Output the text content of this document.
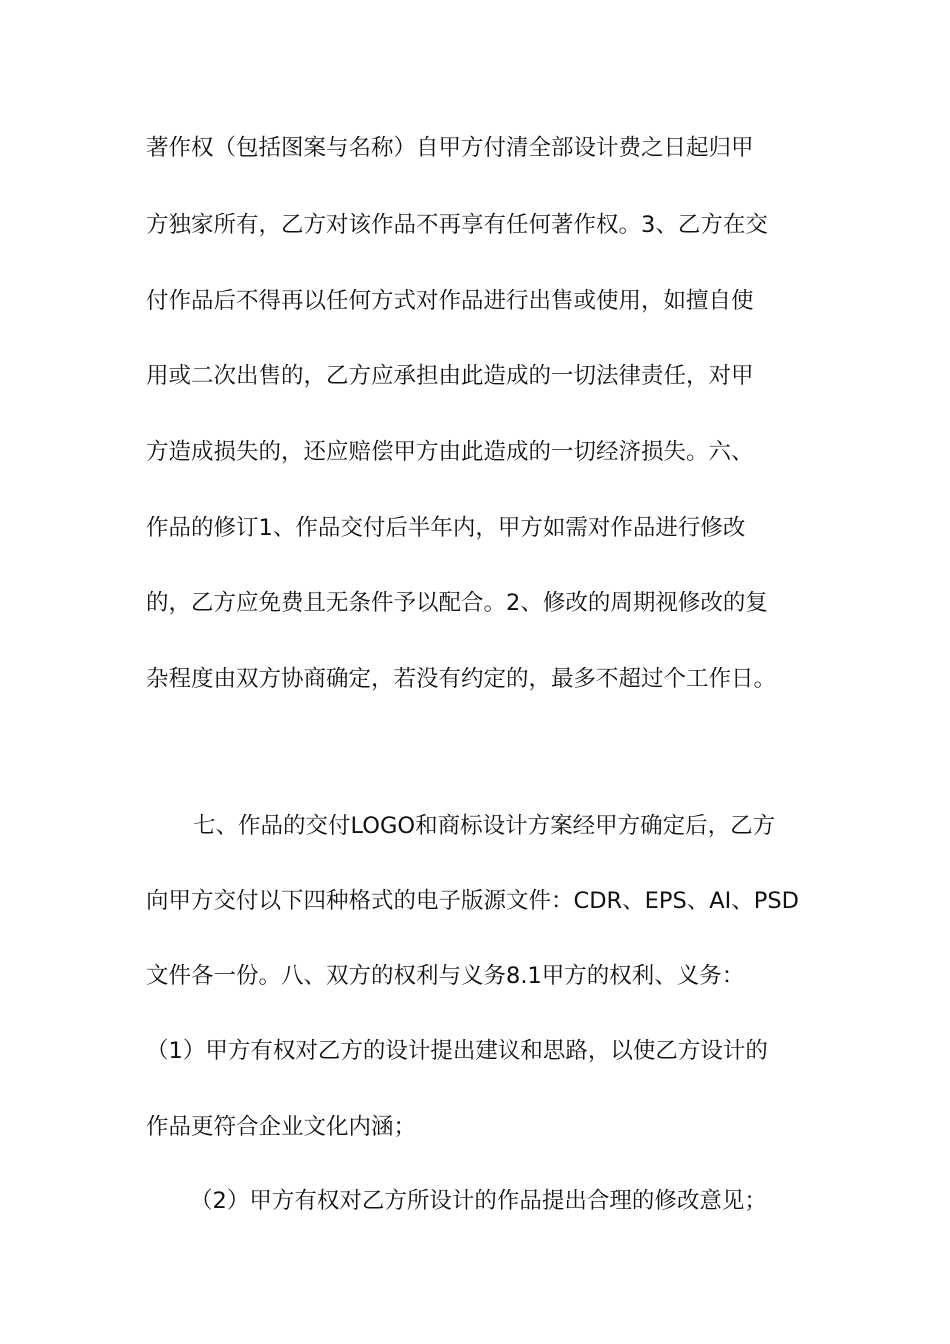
著作权（包括图案与名称）自甲方付清全部设计费之日起归甲
方独家所有，乙方对该作品不再享有任何著作权。3、乙方在交
付作品后不得再以任何方式对作品进行出售或使用，如擅自使
用或二次出售的，乙方应承担由此造成的一切法律责任，对甲
方造成损失的，还应赔偿甲方由此造成的一切经济损失。六、
作品的修订1、作品交付后半年内，甲方如需对作品进行修改
的，乙方应免费且无条件予以配合。2、修改的周期视修改的复
杂程度由双方协商确定，若没有约定的，最多不超过个工作日。
七、作品的交付LOGO和商标设计方案经甲方确定后，乙方
向甲方交付以下四种格式的电子版源文件：CDR、EPS、AI、PSD
文件各一份。八、双方的权利与义务8.1甲方的权利、义务：
（1）甲方有权对乙方的设计提出建议和思路，以使乙方设计的
作品更符合企业文化内涵；
（2）甲方有权对乙方所设计的作品提出合理的修改意见；
